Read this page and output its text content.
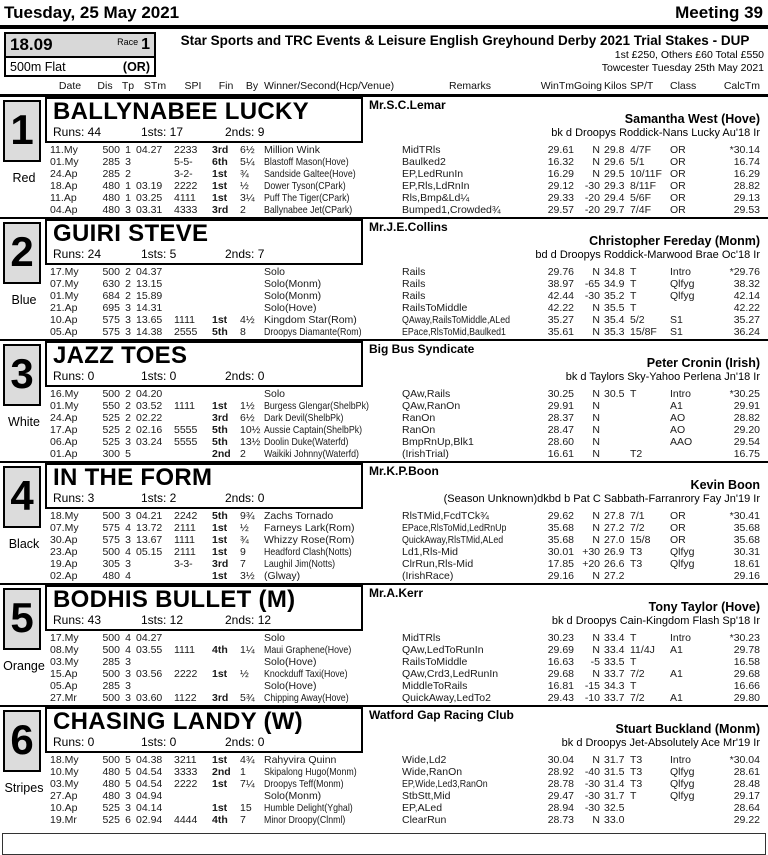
Tuesday, 25 May 2021	Meeting 39
18.09	Race 1
500m Flat	(OR)
Star Sports and TRC Events & Leisure English Greyhound Derby 2021 Trial Stakes - DUP
1st £250, Others £60 Total £550
Towcester Tuesday 25th May 2021
Date	Dis Tp STm	SPI	Fin	By Winner/Second(Hcp/Venue)	Remarks	WinTm Going Kilos SP/T	Class	CalcTm
1
Red
BALLYNABEE LUCKY
Runs: 44	1sts: 17	2nds: 9
Mr.S.C.Lemar
Samantha West (Hove)
bk d Droopys Roddick-Nans Lucky Au'18 Ir
11.My	500 1 04.27	2233	3rd	6½ Million Wink	MidTRls	29.61	N 29.8 4/7F	OR	*30.14
01.My	285 3	5-5-	6th	5¼ Blastoff Mason(Hove)	Baulked2	16.32	N 29.6 5/1	OR	16.74
24.Ap	285 2	3-2-	1st	¾	Sandside Galtee(Hove)	EP,LedRunIn	16.29	N 29.5 10/11F OR	16.29
18.Ap	480 1 03.19	2222	1st	½	Dower Tyson(CPark)	EP,Rls,LdRnIn	29.12	-30 29.3 8/11F	OR	28.82
11.Ap	480 1 03.25	4111	1st	3¼ Puff The Tiger(CPark)	Rls,Bmp&Ld¼	29.33	-20 29.4 5/6F	OR	29.13
04.Ap	480 3 03.31	4333	3rd	2	Ballynabee Jet(CPark)	Bumped1,Crowded¾	29.57	-20 29.7 7/4F	OR	29.53
2
Blue
GUIRI STEVE
Runs: 24	1sts: 5	2nds: 7
Mr.J.E.Collins
Christopher Fereday (Monm)
bd d Droopys Roddick-Marwood Brae Oc'18 Ir
17.My	500 2 04.37	Solo	Rails	29.76	N 34.8 T	Intro	*29.76
07.My	630 2 13.15	Solo(Monm)	Rails	38.97	-65 34.9 T	Qlfyg	38.32
01.My	684 2 15.89	Solo(Monm)	Rails	42.44	-30 35.2 T	Qlfyg	42.14
21.Ap	695 3 14.31	Solo(Hove)	RailsToMiddle	42.22	N 35.5 T	42.22
10.Ap	575 3 13.65	1111	1st	4½ Kingdom Star(Rom)	QAway,RailsToMiddle,ALed	35.27	N 35.4 5/2	S1	35.27
05.Ap	575 3 14.38	2555	5th	8	Droopys Diamante(Rom)	EPace,RlsToMid,Baulked1	35.61	N 35.3 15/8F	S1	36.24
3
White
JAZZ TOES
Runs: 0	1sts: 0	2nds: 0
Big Bus Syndicate
Peter Cronin (Irish)
bk d Taylors Sky-Yahoo Perlena Jn'18 Ir
16.My	500 2 04.20	Solo	QAw,Rails	30.25	N 30.5 T	Intro	*30.25
01.My	550 2 03.52	1111	1st	1½ Burgess Glengar(ShelbPk)	QAw,RanOn	29.91	N	A1	29.91
24.Ap	525 2 02.22	3rd	6½ Dark Devil(ShelbPk)	RanOn	28.37	N	AO	28.82
17.Ap	525 2 02.16	5555	5th	10½ Aussie Captain(ShelbPk)	RanOn	28.47	N	AO	29.20
06.Ap	525 3 03.24	5555	5th	13½ Doolin Duke(Waterfd)	BmpRnUp,Blk1	28.60	N	AAO	29.54
01.Ap	300 5	2nd 2	Waikiki Johnny(Waterfd)	(IrishTrial)	16.61	N	T2	16.75
4
Black
IN THE FORM
Runs: 3	1sts: 2	2nds: 0
Mr.K.P.Boon
Kevin Boon
(Season Unknown)dkbd b Pat C Sabbath-Farranrory Fay Jn'19 Ir
18.My	500 3 04.21	2242	5th	9¾ Zachs Tornado	RlsTMid,FcdTCk¾	29.62	N 27.8 7/1	OR	*30.41
07.My	575 4 13.72	2111	1st	½	Farneys Lark(Rom)	EPace,RlsToMid,LedRnUp	35.68	N 27.2 7/2	OR	35.68
30.Ap	575 3 13.67	1111	1st	¾	Whizzy Rose(Rom)	QuickAway,RlsTMid,ALed	35.68	N 27.0 15/8	OR	35.68
23.Ap	500 4 05.15	2111	1st	9	Headford Clash(Notts)	Ld1,Rls-Mid	30.01 +30 26.9 T3	Qlfyg	30.31
19.Ap	305 3	3-3-	3rd	7	Laughil Jim(Notts)	ClrRun,Rls-Mid	17.85 +20 26.6 T3	Qlfyg	18.61
02.Ap	480 4	1st	3½ (Glway)	(IrishRace)	29.16	N 27.2	29.16
5
Orange
BODHIS BULLET (M)
Runs: 43	1sts: 12	2nds: 12
Mr.A.Kerr
Tony Taylor (Hove)
bk d Droopys Cain-Kingdom Flash Sp'18 Ir
17.My	500 4 04.27	Solo	MidTRls	30.23	N 33.4 T	Intro	*30.23
08.My	500 4 03.55	1111	4th	1¼ Maui Graphene(Hove)	QAw,LedToRunIn	29.69	N 33.4 11/4J	A1	29.78
03.My	285 3	Solo(Hove)	RailsToMiddle	16.63	-5 33.5 T	16.58
15.Ap	500 3 03.56	2222	1st	½	Knockduff Taxi(Hove)	QAw,Crd3,LedRunIn	29.68	N 33.7 7/2	A1	29.68
05.Ap	285 3	Solo(Hove)	MiddleToRails	16.81	-15 34.3 T	16.66
27.Mr	500 3 03.60	1122	3rd	5¾ Chipping Away(Hove)	QuickAway,LedTo2	29.43	-10 33.7 7/2	A1	29.80
6
Stripes
CHASING LANDY (W)
Runs: 0	1sts: 0	2nds: 0
Watford Gap Racing Club
Stuart Buckland (Monm)
bk d Droopys Jet-Absolutely Ace Mr'19 Ir
18.My	500 5 04.38	3211	1st	4¾ Rahyvira Quinn	Wide,Ld2	30.04	N 31.7 T3	Intro	*30.04
10.My	480 5 04.54	3333	2nd 1	Skipalong Hugo(Monm)	Wide,RanOn	28.92	-40 31.5 T3	Qlfyg	28.61
03.My	480 5 04.54	2222	1st	7¼ Droopys Teff(Monm)	EP,Wide,Led3,RanOn	28.78	-30 31.4 T3	Qlfyg	28.48
27.Ap	480 3 04.94	Solo(Monm)	StbStt,Mid	29.47	-30 31.7 T	Qlfyg	29.17
10.Ap	525 3 04.14	1st	15	Humble Delight(Yghal)	EP,ALed	28.94	-30 32.5	28.64
19.Mr	525 6 02.94	4444	4th	7	Minor Droopy(Clnml)	ClearRun	28.73	N 33.0	29.22
